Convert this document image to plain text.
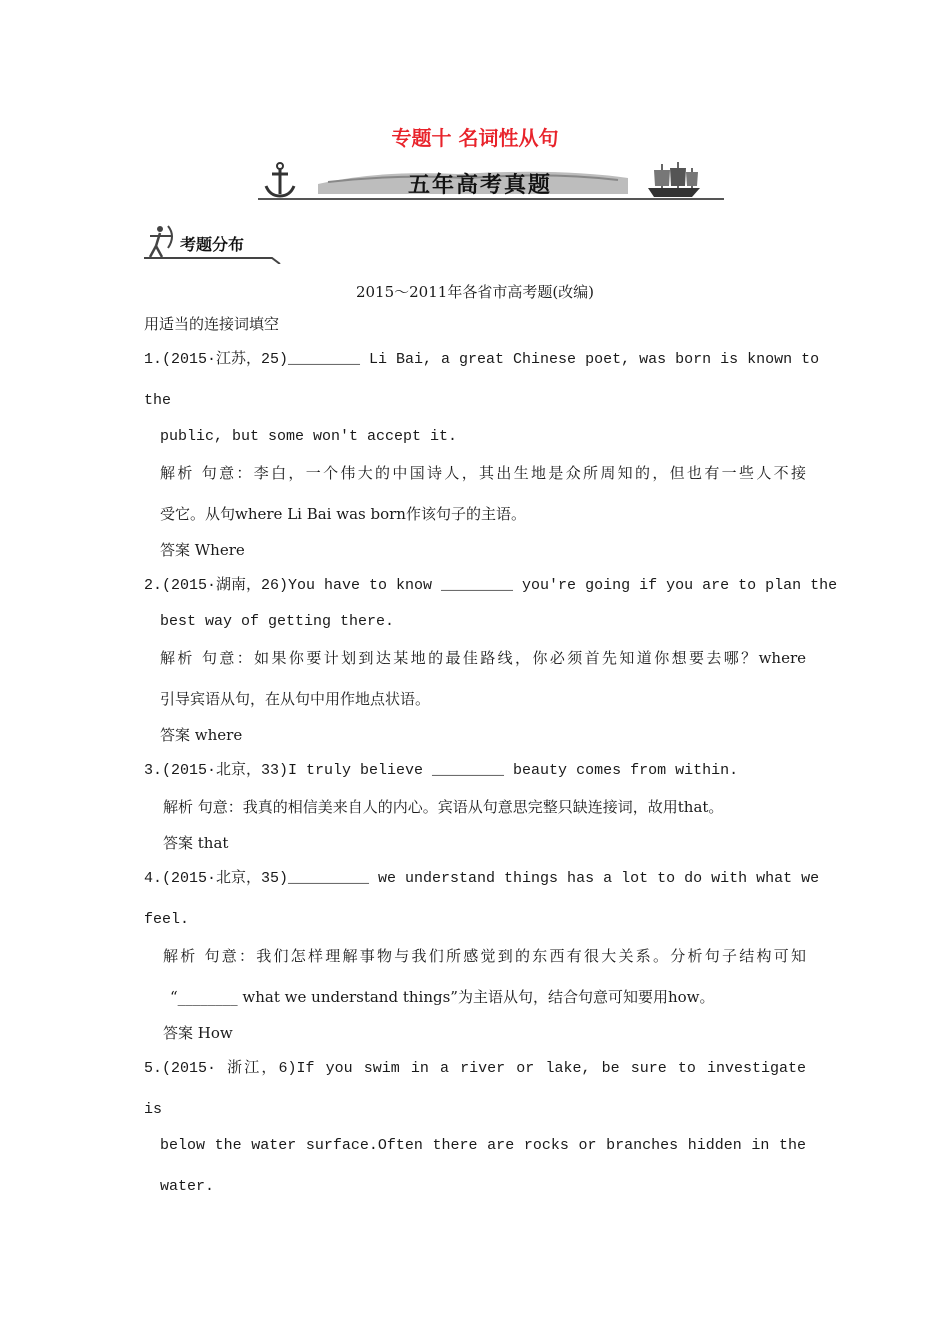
专题十 名词性从句
五年高考真题
考题分布
2015～2011年各省市高考题(改编)
用适当的连接词填空
1.(2015·江苏，25)________ Li Bai, a great Chinese poet, was born is known to
the
public, but some won't accept it.
解析 句意：李白，一个伟大的中国诗人，其出生地是众所周知的，但也有一些人不接
受它。从句where Li Bai was born作该句子的主语。
答案 Where
2.(2015·湖南，26)You have to know ________ you're going if you are to plan the
best way of getting there.
解析 句意：如果你要计划到达某地的最佳路线，你必须首先知道你想要去哪？where
引导宾语从句，在从句中用作地点状语。
答案 where
3.(2015·北京，33)I truly believe ________ beauty comes from within.
解析 句意：我真的相信美来自人的内心。宾语从句意思完整只缺连接词，故用that。
答案 that
4.(2015·北京，35)_________ we understand things has a lot to do with what we
feel.
解析 句意：我们怎样理解事物与我们所感觉到的东西有很大关系。分析句子结构可知
“________ what we understand things”为主语从句，结合句意可知要用how。
答案 How
5.(2015· 浙江，6)If you swim in a river or lake, be sure to investigate
is
below the water surface.Often there are rocks or branches hidden in the
water.
